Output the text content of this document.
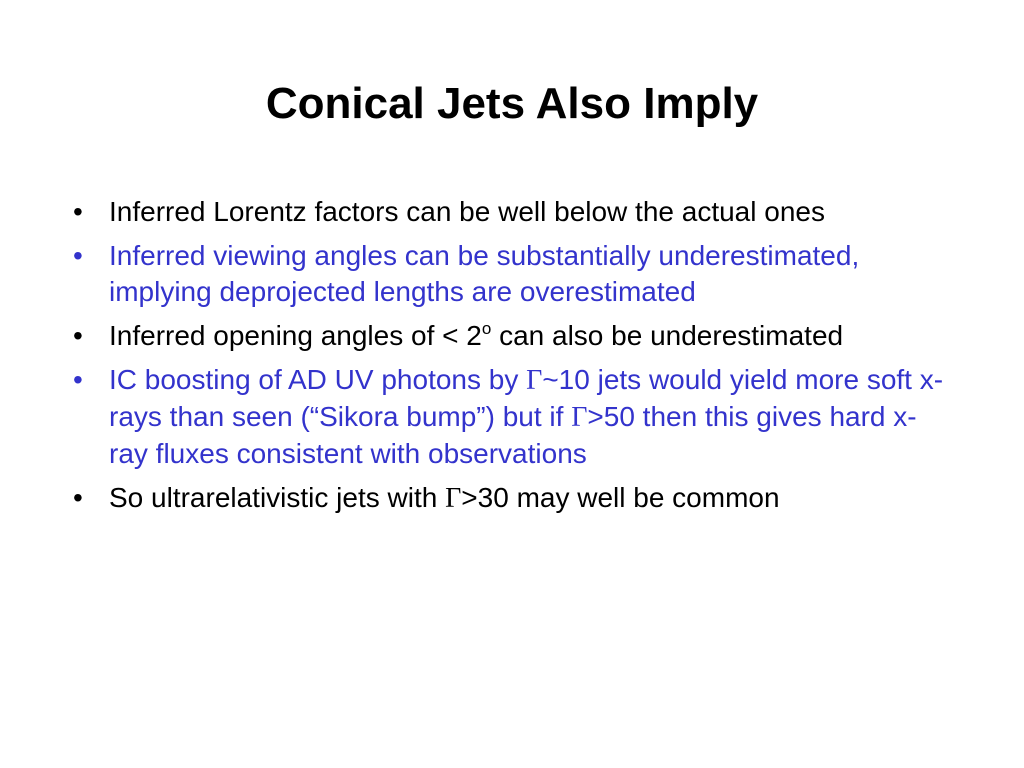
Conical Jets Also Imply
• Inferred Lorentz factors can be well below the actual ones
• Inferred viewing angles can be substantially underestimated, implying deprojected lengths are overestimated
• Inferred opening angles of < $2^o$ can also be underestimated
• IC boosting of AD UV photons by Γ~10 jets would yield more soft x-rays than seen (“Sikora bump”) but if Γ>50 then this gives hard x-ray fluxes consistent with observations
• So ultrarelativistic jets with Γ>30 may well be common
